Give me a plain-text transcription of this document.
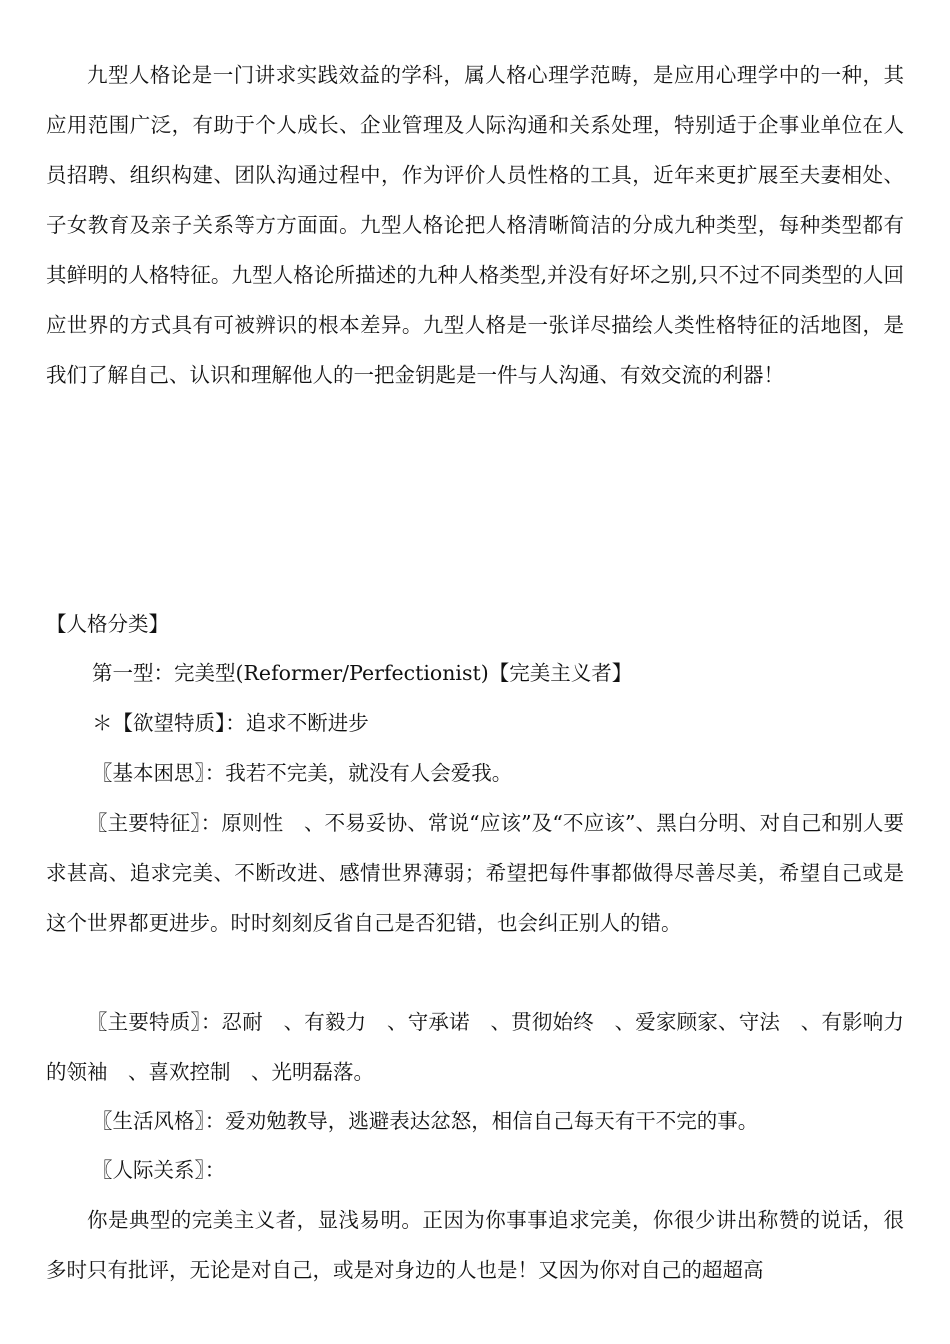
九型人格论是一门讲求实践效益的学科，属人格心理学范畴，是应用心理学中的一种，其应用范围广泛，有助于个人成长、企业管理及人际沟通和关系处理，特别适于企事业单位在人员招聘、组织构建、团队沟通过程中，作为评价人员性格的工具，近年来更扩展至夫妻相处、子女教育及亲子关系等方方面面。九型人格论把人格清晰简洁的分成九种类型，每种类型都有其鲜明的人格特征。九型人格论所描述的九种人格类型,并没有好坏之别,只不过不同类型的人回应世界的方式具有可被辨识的根本差异。九型人格是一张详尽描绘人类性格特征的活地图，是我们了解自己、认识和理解他人的一把金钥匙是一件与人沟通、有效交流的利器！

【人格分类】

第一型：完美型(Reformer/Perfectionist)【完美主义者】

＊【欲望特质】：追求不断进步

〖基本困思〗：我若不完美，就没有人会爱我。

〖主要特征〗：原则性　、不易妥协、常说“应该”及“不应该”、黑白分明、对自己和别人要求甚高、追求完美、不断改进、感情世界薄弱；希望把每件事都做得尽善尽美，希望自己或是这个世界都更进步。时时刻刻反省自己是否犯错，也会纠正别人的错。

〖主要特质〗：忍耐　、有毅力　、守承诺　、贯彻始终　、爱家顾家、守法　、有影响力的领袖　、喜欢控制　、光明磊落。

〖生活风格〗：爱劝勉教导，逃避表达忿怒，相信自己每天有干不完的事。

〖人际关系〗：

你是典型的完美主义者，显浅易明。正因为你事事追求完美，你很少讲出称赞的说话，很多时只有批评，无论是对自己，或是对身边的人也是！又因为你对自己的超超高
